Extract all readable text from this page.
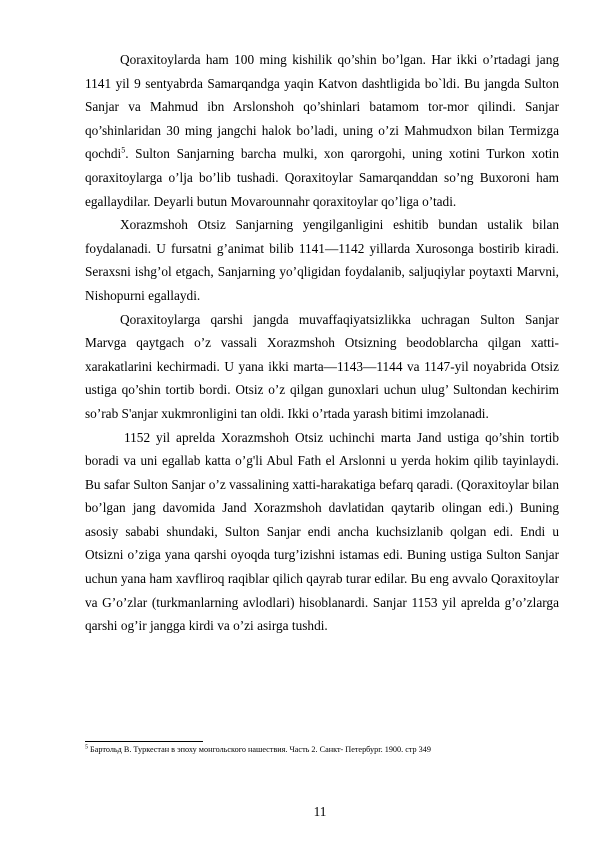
Qoraxitoylarda ham 100 ming kishilik qo’shin bo’lgan. Har ikki o’rtadagi jang 1141 yil 9 sentyabrda Samarqandga yaqin Katvon dashtligida bo`ldi. Bu jangda Sulton Sanjar va Mahmud ibn Arslonshoh qo’shinlari batamom tor-mor qilindi. Sanjar qo’shinlaridan 30 ming jangchi halok bo’ladi, uning o’zi Mahmudxon bilan Termizga qochdi$^5$. Sulton Sanjarning barcha mulki, xon qarorgohi, uning xotini Turkon xotin qoraxitoylarga o’lja bo’lib tushadi. Qoraxitoylar Samarqanddan so’ng Buxoroni ham egallaydilar. Deyarli butun Movarounnahr qoraxitoylar qo’liga o’tadi.

Xorazmshoh Otsiz Sanjarning yengilganligini eshitib bundan ustalik bilan foydalanadi. U fursatni g’animat bilib 1141—1142 yillarda Xurosonga bostirib kiradi. Seraxsni ishg’ol etgach, Sanjarning yo’qligidan foydalanib, saljuqiylar poytaxti Marvni, Nishopurni egallaydi.

Qoraxitoylarga qarshi jangda muvaffaqiyatsizlikka uchragan Sulton Sanjar Marvga qaytgach o’z vassali Xorazmshoh Otsizning beodoblarcha qilgan xatti-xarakatlarini kechirmadi. U yana ikki marta—1143—1144 va 1147-yil noyabrida Otsiz ustiga qo’shin tortib bordi. Otsiz o’z qilgan gunoxlari uchun ulug’ Sultondan kechirim so’rab S'anjar xukmronligini tan oldi. Ikki o’rtada yarash bitimi imzolanadi.

1152 yil aprelda Xorazmshoh Otsiz uchinchi marta Jand ustiga qo’shin tortib boradi va uni egallab katta o’g'li Abul Fath el Arslonni u yerda hokim qilib tayinlaydi. Bu safar Sulton Sanjar o’z vassalining xatti-harakatiga befarq qaradi. (Qoraxitoylar bilan bo’lgan jang davomida Jand Xorazmshoh davlatidan qaytarib olingan edi.) Buning asosiy sababi shundaki, Sulton Sanjar endi ancha kuchsizlanib qolgan edi. Endi u Otsizni o’ziga yana qarshi oyoqda turg’izishni istamas edi. Buning ustiga Sulton Sanjar uchun yana ham xavfliroq raqiblar qilich qayrab turar edilar. Bu eng avvalo Qoraxitoylar va G’o’zlar (turkmanlarning avlodlari) hisoblanardi. Sanjar 1153 yil aprelda g’o’zlarga qarshi og’ir jangga kirdi va o’zi asirga tushdi.

$^5$ Бартольд В. Туркестан в эпоху монгольского нашествия. Часть 2. Санкт- Петербург. 1900. стр 349
11
